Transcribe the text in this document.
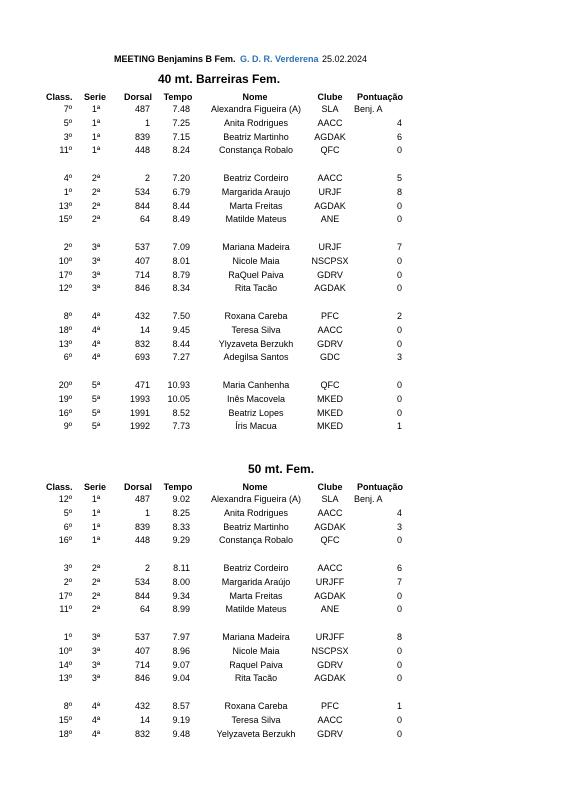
MEETING Benjamins B Fem. G. D. R. Verderena 25.02.2024
40 mt. Barreiras Fem.
Class.	Serie	Dorsal	Tempo	Nome	Clube	Pontuação
7º	1ª	487	7.48	Alexandra Figueira (A)	SLA	Benj. A
5º	1ª	1	7.25	Anita Rodrigues	AACC	4
3º	1ª	839	7.15	Beatriz Martinho	AGDAK	6
11º	1ª	448	8.24	Constança Robalo	QFC	0
4º	2ª	2	7.20	Beatriz Cordeiro	AACC	5
1º	2ª	534	6.79	Margarida Araujo	URJF	8
13º	2ª	844	8.44	Marta Freitas	AGDAK	0
15º	2ª	64	8.49	Matilde Mateus	ANE	0
2º	3ª	537	7.09	Mariana Madeira	URJF	7
10º	3ª	407	8.01	Nicole Maia	NSCPSX	0
17º	3ª	714	8.79	RaQuel Paiva	GDRV	0
12º	3ª	846	8.34	Rita Tacão	AGDAK	0
8º	4ª	432	7.50	Roxana Careba	PFC	2
18º	4ª	14	9.45	Teresa Silva	AACC	0
13º	4ª	832	8.44	Ylyzaveta Berzukh	GDRV	0
6º	4ª	693	7.27	Adegilsa Santos	GDC	3
20º	5ª	471	10.93	Maria Canhenha	QFC	0
19º	5ª	1993	10.05	Inês Macovela	MKED	0
16º	5ª	1991	8.52	Beatriz Lopes	MKED	0
9º	5ª	1992	7.73	Íris Macua	MKED	1
50 mt. Fem.
Class.	Serie	Dorsal	Tempo	Nome	Clube	Pontuação
12º	1ª	487	9.02	Alexandra Figueira (A)	SLA	Benj. A
5º	1ª	1	8.25	Anita Rodrigues	AACC	4
6º	1ª	839	8.33	Beatriz Martinho	AGDAK	3
16º	1ª	448	9.29	Constança Robalo	QFC	0
3º	2ª	2	8.11	Beatriz Cordeiro	AACC	6
2º	2ª	534	8.00	Margarida Araújo	URJFF	7
17º	2ª	844	9.34	Marta Freitas	AGDAK	0
11º	2ª	64	8.99	Matilde Mateus	ANE	0
1º	3ª	537	7.97	Mariana Madeira	URJFF	8
10º	3ª	407	8.96	Nicole Maia	NSCPSX	0
14º	3ª	714	9.07	Raquel Paiva	GDRV	0
13º	3ª	846	9.04	Rita Tacão	AGDAK	0
8º	4ª	432	8.57	Roxana Careba	PFC	1
15º	4ª	14	9.19	Teresa Silva	AACC	0
18º	4ª	832	9.48	Yelyzaveta Berzukh	GDRV	0
